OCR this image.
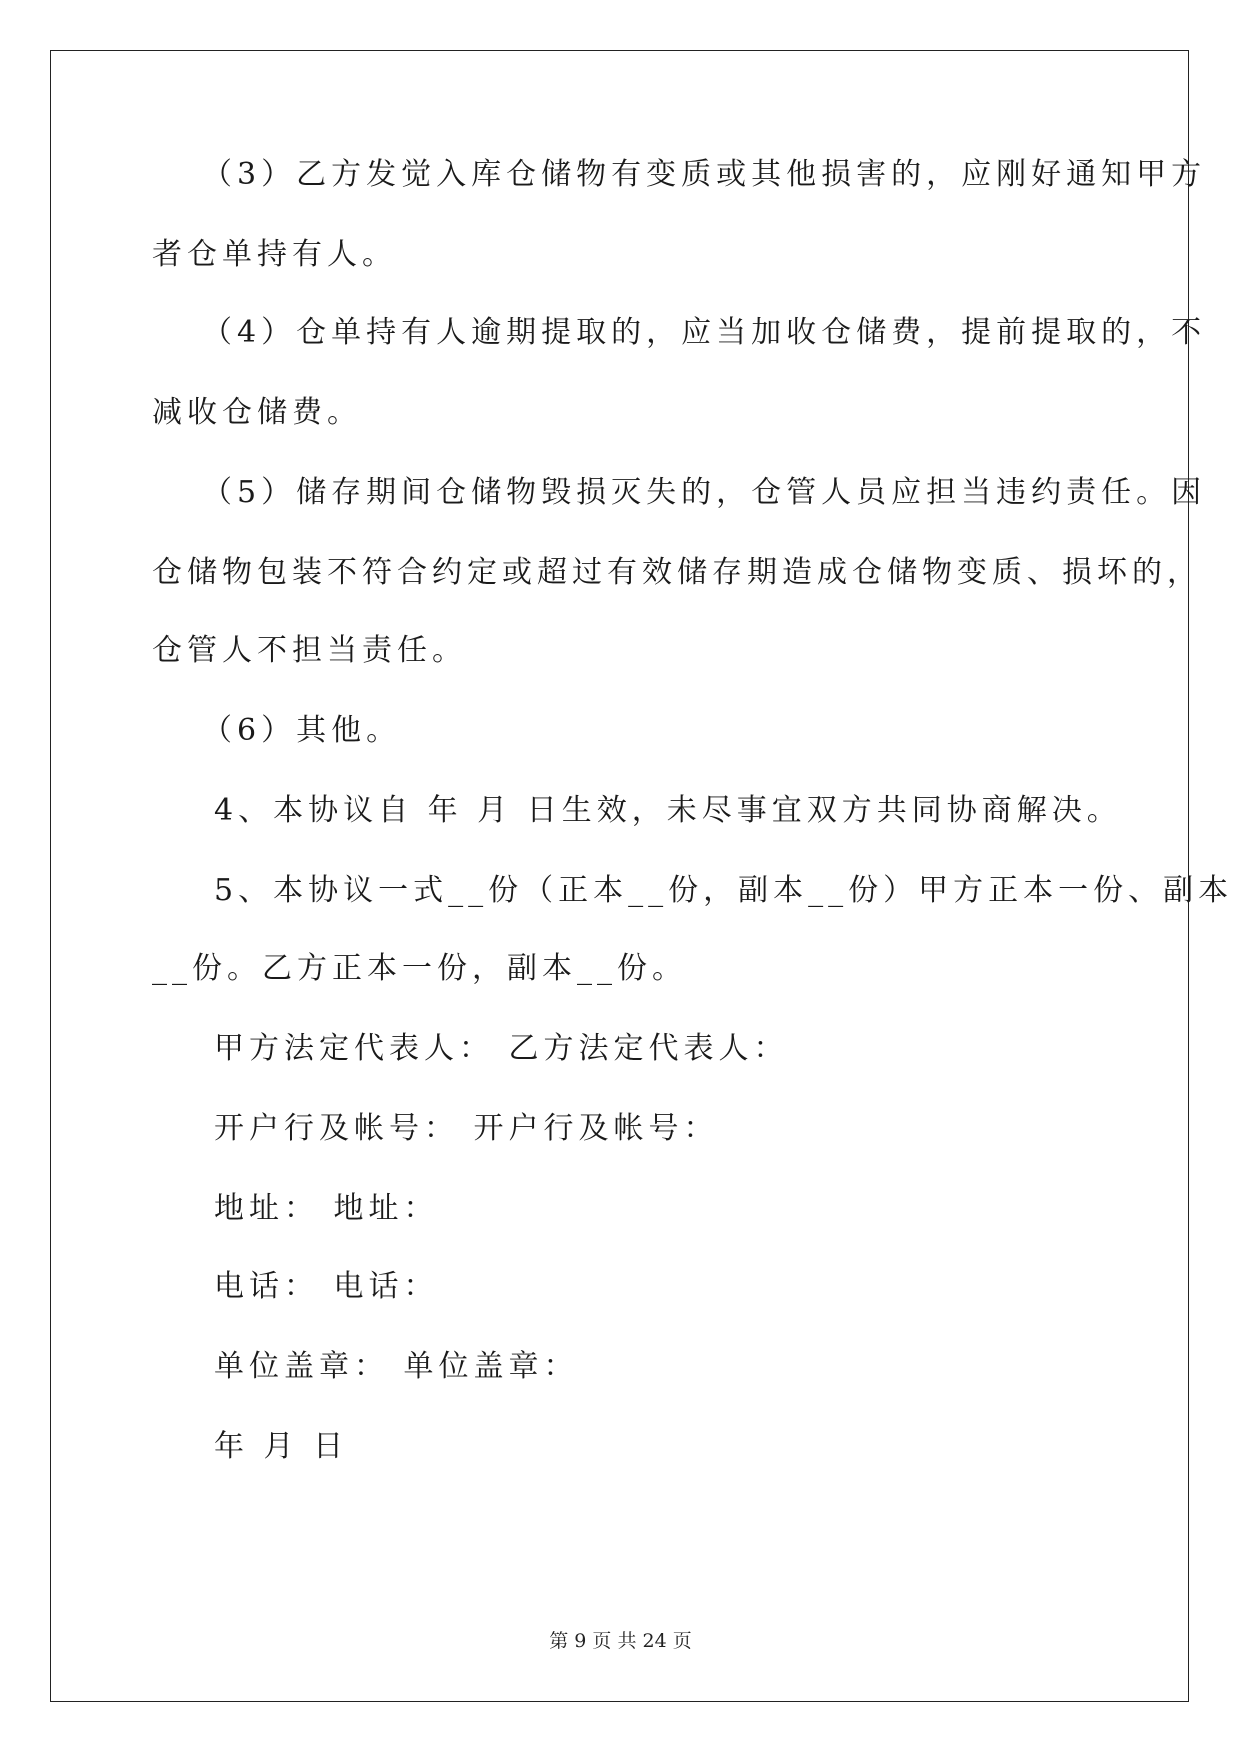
（3）乙方发觉入库仓储物有变质或其他损害的，应刚好通知甲方
者仓单持有人。
（4）仓单持有人逾期提取的，应当加收仓储费，提前提取的，不
减收仓储费。
（5）储存期间仓储物毁损灭失的，仓管人员应担当违约责任。因
仓储物包装不符合约定或超过有效储存期造成仓储物变质、损坏的，
仓管人不担当责任。
（6）其他。
4、本协议自 年 月 日生效，未尽事宜双方共同协商解决。
5、本协议一式__份（正本__份，副本__份）甲方正本一份、副本
__份。乙方正本一份，副本__份。
甲方法定代表人： 乙方法定代表人：
开户行及帐号： 开户行及帐号：
地址： 地址：
电话： 电话：
单位盖章： 单位盖章：
年 月 日
第 9 页 共 24 页
